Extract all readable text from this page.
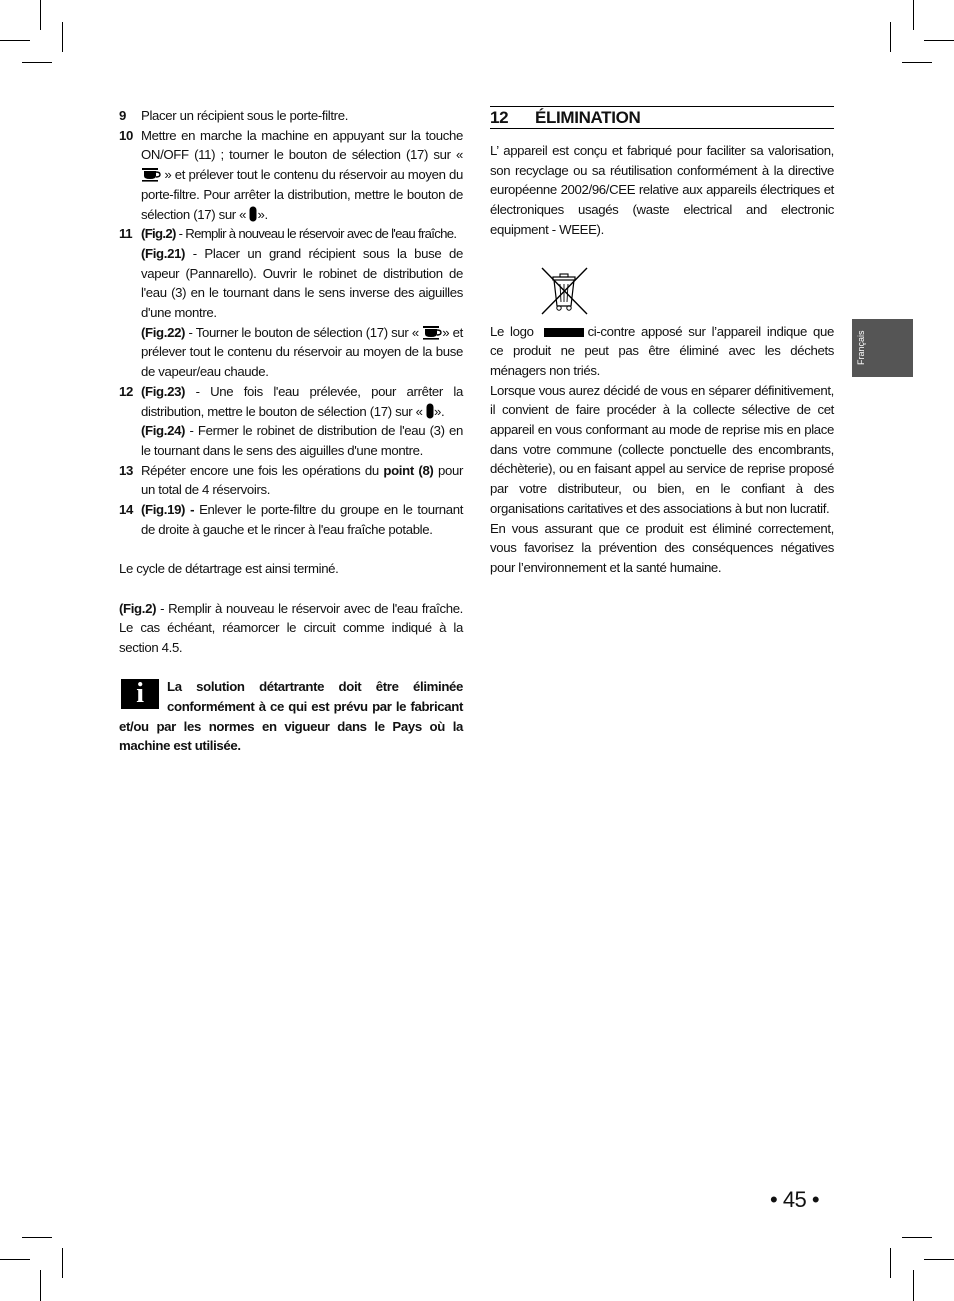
9	Placer un récipient sous le porte-filtre.

10 Mettre en marche la machine en appuyant sur la touche ON/OFF (11) ; tourner le bouton de sélection (17) sur «  » et prélever tout le contenu du réservoir au moyen du porte-filtre. Pour arrêter la distribution, mettre le bouton de sélection (17) sur « ».

11 (Fig.2) - Remplir à nouveau le réservoir avec de l'eau fraîche.

(Fig.21) - Placer un grand récipient sous la buse de vapeur (Pannarello). Ouvrir le robinet de distribution de l'eau (3) en le tournant dans le sens inverse des aiguilles d'une montre.

(Fig.22) - Tourner le bouton de sélection (17) sur « » et prélever tout le contenu du réservoir au moyen de la buse de vapeur/eau chaude.

12 (Fig.23) - Une fois l'eau prélevée, pour arrêter la distribution, mettre le bouton de sélection (17) sur « ».

(Fig.24) - Fermer le robinet de distribution de l'eau (3) en le tournant dans le sens des aiguilles d'une montre.

13 Répéter encore une fois les opérations du point (8) pour un total de 4 réservoirs.

14 (Fig.19) - Enlever le porte-filtre du groupe en le tournant de droite à gauche et le rincer à l'eau fraîche potable.

Le cycle de détartrage est ainsi terminé.

(Fig.2) - Remplir à nouveau le réservoir avec de l'eau fraîche. Le cas échéant, réamorcer le circuit comme indiqué à la section 4.5.

i	La solution détartrante doit être éliminée conformément à ce qui est prévu par le fabricant et/ou par les normes en vigueur dans le Pays où la machine est utilisée.
12	ÉLIMINATION

L’ appareil est conçu et fabriqué pour faciliter sa valorisation, son recyclage ou sa réutilisation conformément à la directive européenne 2002/96/CEE relative aux appareils électriques et électroniques usagés (waste electrical and electronic equipment - WEEE).

Le logo	ci-contre apposé sur l’appareil indique que ce produit ne peut pas être éliminé avec les déchets ménagers non triés.

Lorsque vous aurez décidé de vous en séparer définitivement, il convient de faire procéder à la collecte sélective de cet appareil en vous conformant au mode de reprise mis en place dans votre commune (collecte ponctuelle des encombrants, déchèterie), ou en faisant appel au service de reprise proposé par votre distributeur, ou bien, en le confiant à des organisations caritatives et des associations à but non lucratif.

En vous assurant que ce produit est éliminé correctement, vous favorisez la prévention des conséquences négatives pour l’environnement et la santé humaine.

Français
• 45 •
